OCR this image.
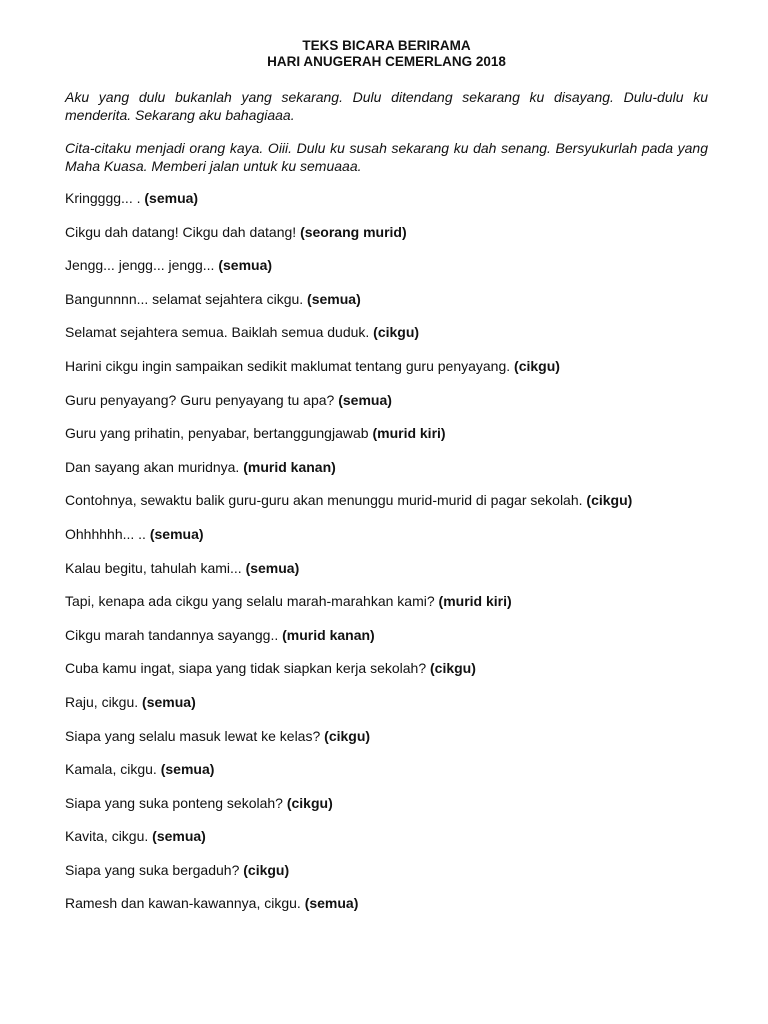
TEKS BICARA BERIRAMA
HARI ANUGERAH CEMERLANG 2018

Aku yang dulu bukanlah yang sekarang. Dulu ditendang sekarang ku disayang. Dulu-dulu ku menderita. Sekarang aku bahagiaaa.

Cita-citaku menjadi orang kaya. Oiii. Dulu ku susah sekarang ku dah senang. Bersyukurlah pada yang Maha Kuasa. Memberi jalan untuk ku semuaaa.

Kringggg... . (semua)
Cikgu dah datang! Cikgu dah datang! (seorang murid)
Jengg... jengg... jengg... (semua)
Bangunnnn... selamat sejahtera cikgu. (semua)
Selamat sejahtera semua. Baiklah semua duduk. (cikgu)
Harini cikgu ingin sampaikan sedikit maklumat tentang guru penyayang. (cikgu)
Guru penyayang? Guru penyayang tu apa? (semua)
Guru yang prihatin, penyabar, bertanggungjawab (murid kiri)
Dan sayang akan muridnya. (murid kanan)
Contohnya, sewaktu balik guru-guru akan menunggu murid-murid di pagar sekolah. (cikgu)
Ohhhhhh... .. (semua)
Kalau begitu, tahulah kami... (semua)
Tapi, kenapa ada cikgu yang selalu marah-marahkan kami? (murid kiri)
Cikgu marah tandannya sayangg.. (murid kanan)
Cuba kamu ingat, siapa yang tidak siapkan kerja sekolah? (cikgu)
Raju, cikgu. (semua)
Siapa yang selalu masuk lewat ke kelas? (cikgu)
Kamala, cikgu. (semua)
Siapa yang suka ponteng sekolah? (cikgu)
Kavita, cikgu. (semua)
Siapa yang suka bergaduh? (cikgu)
Ramesh dan kawan-kawannya, cikgu. (semua)
